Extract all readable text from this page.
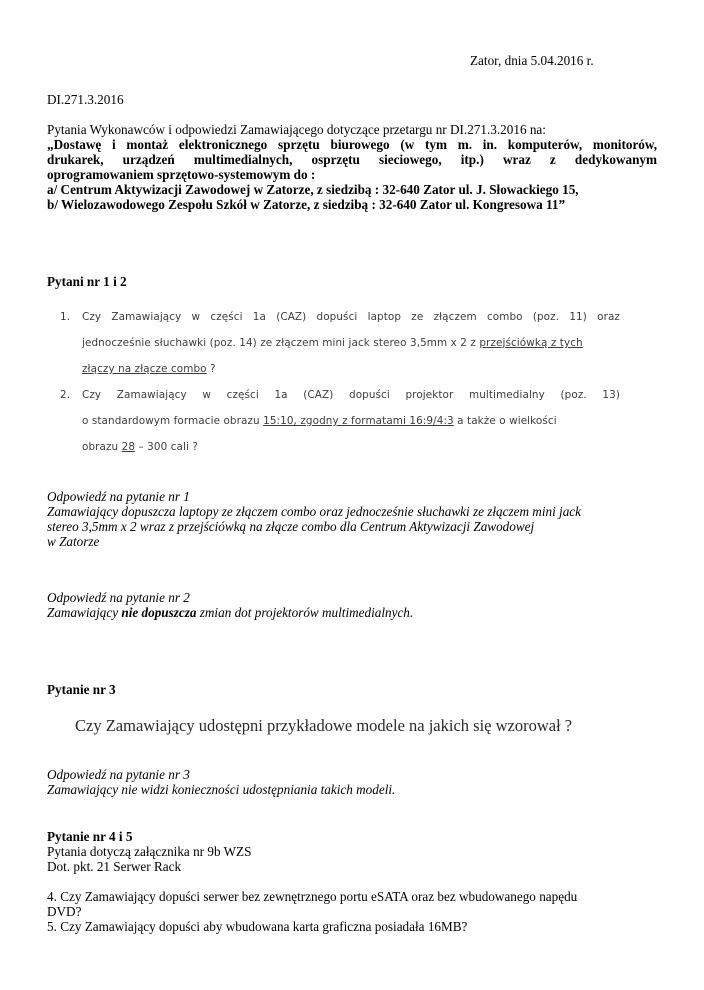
Zator, dnia 5.04.2016 r.
DI.271.3.2016
Pytania Wykonawców i odpowiedzi Zamawiającego dotyczące przetargu nr DI.271.3.2016 na:
„Dostawę i montaż elektronicznego sprzętu biurowego (w tym m. in. komputerów, monitorów,
drukarek, urządzeń multimedialnych, osprzętu sieciowego, itp.) wraz z dedykowanym
oprogramowaniem sprzętowo-systemowym do :
a/ Centrum Aktywizacji Zawodowej w Zatorze, z siedzibą : 32-640 Zator ul. J. Słowackiego 15,
b/ Wielozawodowego Zespołu Szkół w Zatorze, z siedzibą : 32-640 Zator ul. Kongresowa 11”
Pytani nr 1 i 2
1. Czy Zamawiający w części 1a (CAZ) dopuści laptop ze złączem combo (poz. 11) oraz
jednocześnie słuchawki (poz. 14) ze złączem mini jack stereo 3,5mm x 2 z przejściówką z tych
złączy na złącze combo ?
2. Czy Zamawiający w części 1a (CAZ) dopuści projektor multimedialny (poz. 13)
o standardowym formacie obrazu 15:10, zgodny z formatami 16:9/4:3 a także o wielkości
obrazu 28 – 300 cali ?
Odpowiedź na pytanie nr 1
Zamawiający dopuszcza laptopy ze złączem combo oraz jednocześnie słuchawki ze złączem mini jack
stereo 3,5mm x 2 wraz z przejściówką na złącze combo dla Centrum Aktywizacji Zawodowej
w Zatorze
Odpowiedź na pytanie nr 2
Zamawiający nie dopuszcza zmian dot projektorów multimedialnych.
Pytanie nr 3
Czy Zamawiający udostępni przykładowe modele na jakich się wzorował ?
Odpowiedź na pytanie nr 3
Zamawiający nie widzi konieczności udostępniania takich modeli.
Pytanie nr 4 i 5
Pytania dotyczą załącznika nr 9b WZS
Dot. pkt. 21 Serwer Rack
4. Czy Zamawiający dopuści serwer bez zewnętrznego portu eSATA oraz bez wbudowanego napędu
DVD?
5. Czy Zamawiający dopuści aby wbudowana karta graficzna posiadała 16MB?
